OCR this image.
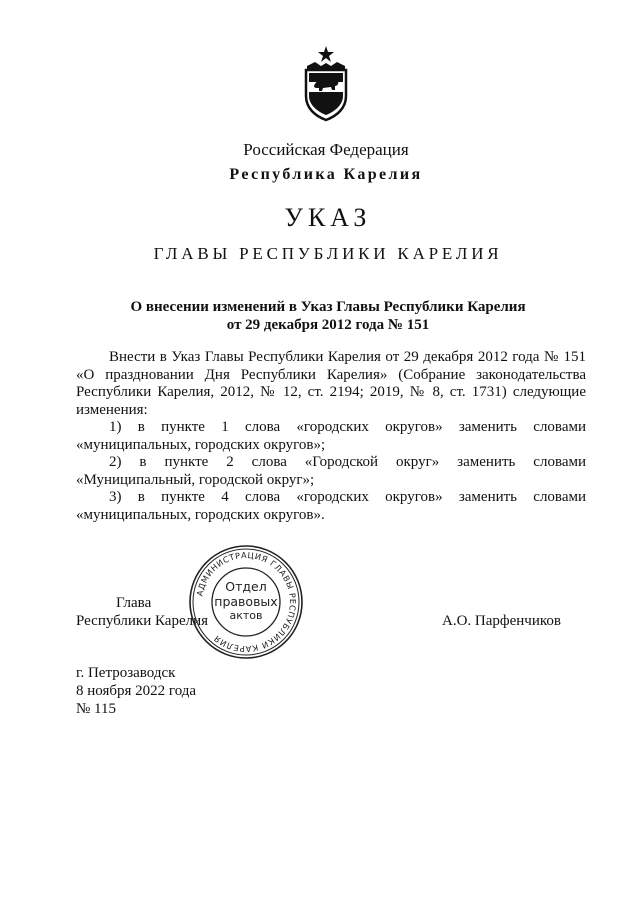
Российская Федерация
Республика Карелия
УКАЗ
ГЛАВЫ РЕСПУБЛИКИ КАРЕЛИЯ
О внесении изменений в Указ Главы Республики Карелия
от 29 декабря 2012 года № 151

Внести в Указ Главы Республики Карелия от 29 декабря 2012 года № 151 «О праздновании Дня Республики Карелия» (Собрание законодательства Республики Карелия, 2012, № 12, ст. 2194; 2019, № 8, ст. 1731) следующие изменения:

1) в пункте 1 слова «городских округов» заменить словами «муниципальных, городских округов»;

2) в пункте 2 слова «Городской округ» заменить словами «Муниципальный, городской округ»;

3) в пункте 4 слова «городских округов» заменить словами «муниципальных, городских округов».

Глава
Республики Карелия	А.О. Парфенчиков
АДМИНИСТРАЦИЯ ГЛАВЫ РЕСПУБЛИКИ КАРЕЛИЯ
Отдел
правовых
актов
г. Петрозаводск
8 ноября 2022 года
№ 115
